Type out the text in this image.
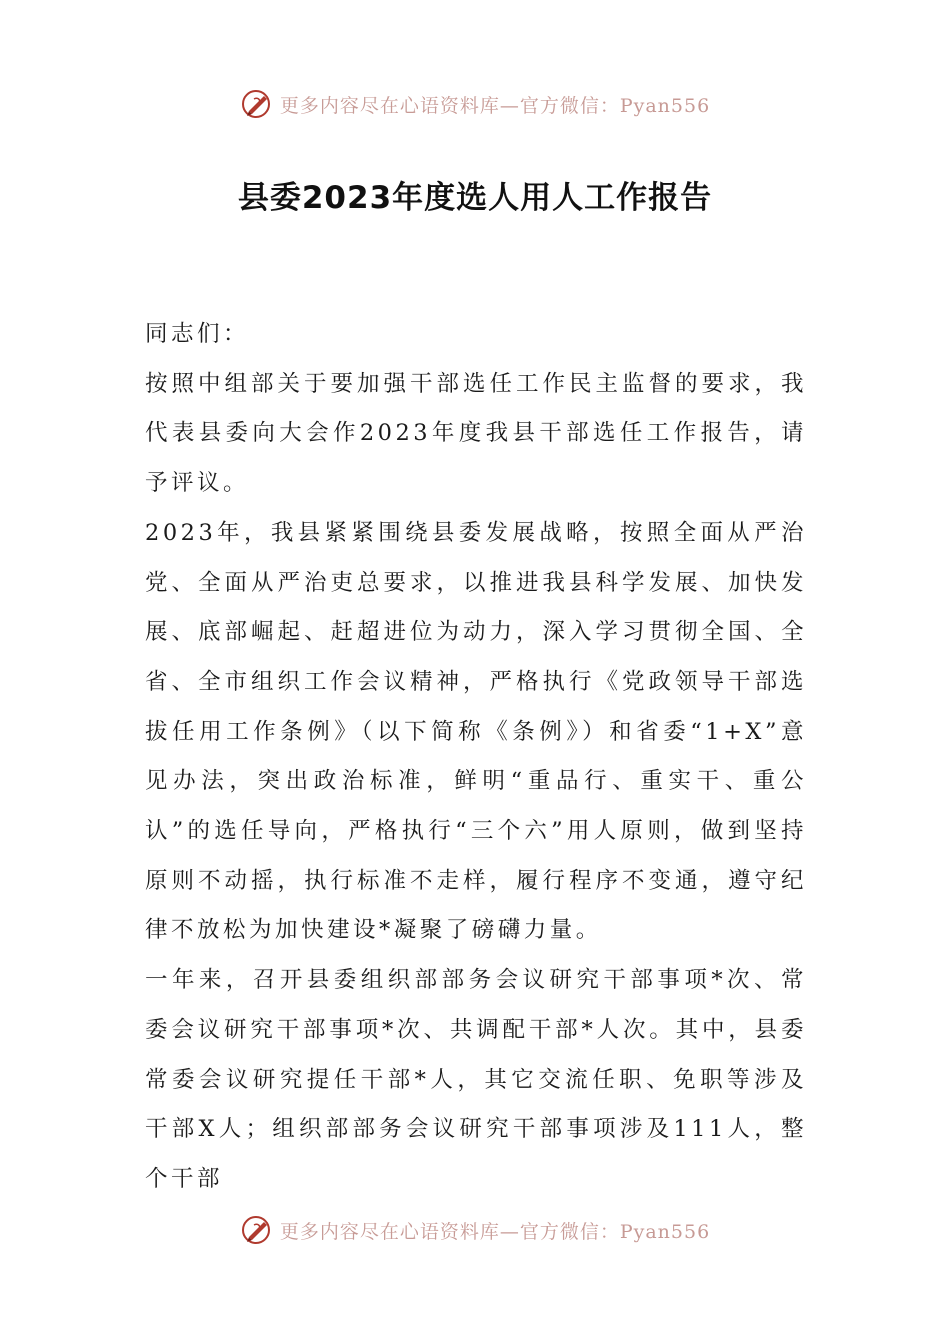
更多内容尽在心语资料库—官方微信：Pyan556
县委2023年度选人用人工作报告

同志们：

按照中组部关于要加强干部选任工作民主监督的要求，我代表县委向大会作2023年度我县干部选任工作报告，请予评议。

2023年，我县紧紧围绕县委发展战略，按照全面从严治党、全面从严治吏总要求，以推进我县科学发展、加快发展、底部崛起、赶超进位为动力，深入学习贯彻全国、全省、全市组织工作会议精神，严格执行《党政领导干部选拔任用工作条例》（以下简称《条例》）和省委“1+X”意见办法，突出政治标准，鲜明“重品行、重实干、重公认”的选任导向，严格执行“三个六”用人原则，做到坚持原则不动摇，执行标准不走样，履行程序不变通，遵守纪律不放松为加快建设*凝聚了磅礴力量。

一年来，召开县委组织部部务会议研究干部事项*次、常委会议研究干部事项*次、共调配干部*人次。其中，县委常委会议研究提任干部*人，其它交流任职、免职等涉及干部X人；组织部部务会议研究干部事项涉及111人，整个干部

更多内容尽在心语资料库—官方微信：Pyan556
